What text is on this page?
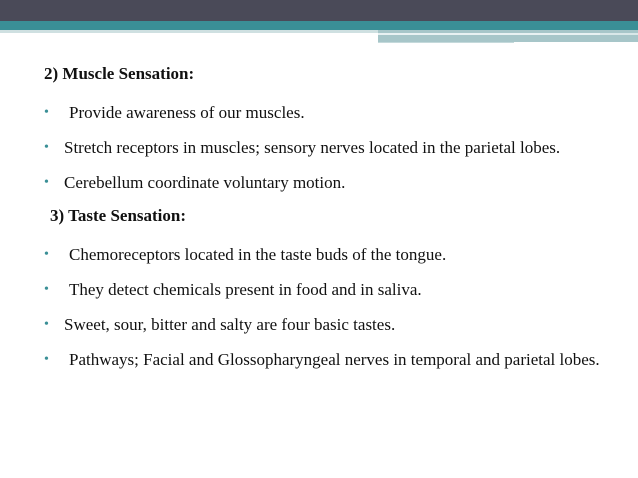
2) Muscle Sensation:
• Provide awareness of our muscles.
• Stretch receptors in muscles; sensory nerves located in the parietal lobes.
• Cerebellum coordinate voluntary motion.
3) Taste Sensation:
• Chemoreceptors located in the taste buds of the tongue.
• They detect chemicals present in food and in saliva.
• Sweet, sour, bitter and salty are four basic tastes.
• Pathways; Facial and Glossopharyngeal nerves in temporal and parietal lobes.
